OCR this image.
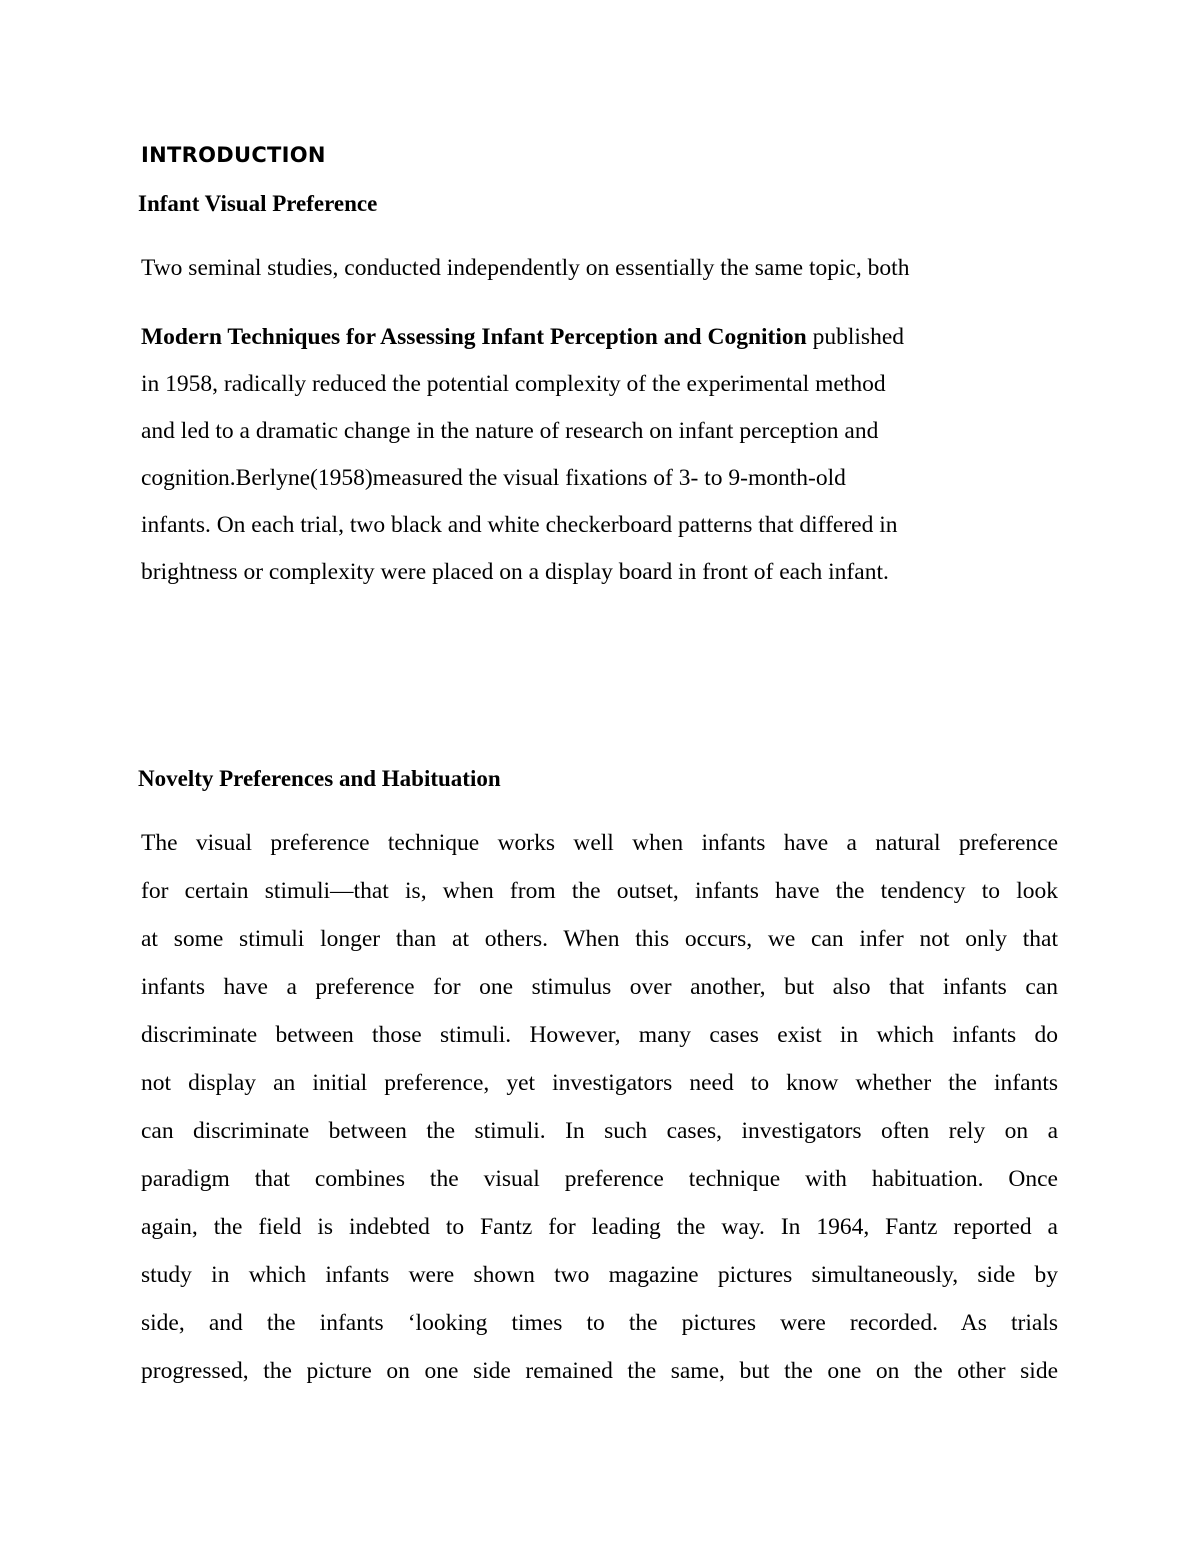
INTRODUCTION
Infant Visual Preference

Two seminal studies, conducted independently on essentially the same topic, both

Modern Techniques for Assessing Infant Perception and Cognition published

in 1958, radically reduced the potential complexity of the experimental method

and led to a dramatic change in the nature of research on infant perception and

cognition.Berlyne(1958)measured the visual fixations of 3- to 9-month-old

infants. On each trial, two black and white checkerboard patterns that differed in

brightness or complexity were placed on a display board in front of each infant.

Novelty Preferences and Habituation

The visual preference technique works well when infants have a natural preference

for certain stimuli—that is, when from the outset, infants have the tendency to look

at some stimuli longer than at others. When this occurs, we can infer not only that

infants have a preference for one stimulus over another, but also that infants can

discriminate between those stimuli. However, many cases exist in which infants do

not display an initial preference, yet investigators need to know whether the infants

can discriminate between the stimuli. In such cases, investigators often rely on a

paradigm that combines the visual preference technique with habituation. Once

again, the field is indebted to Fantz for leading the way. In 1964, Fantz reported a

study in which infants were shown two magazine pictures simultaneously, side by

side, and the infants ‘looking times to the pictures were recorded. As trials

progressed, the picture on one side remained the same, but the one on the other side
